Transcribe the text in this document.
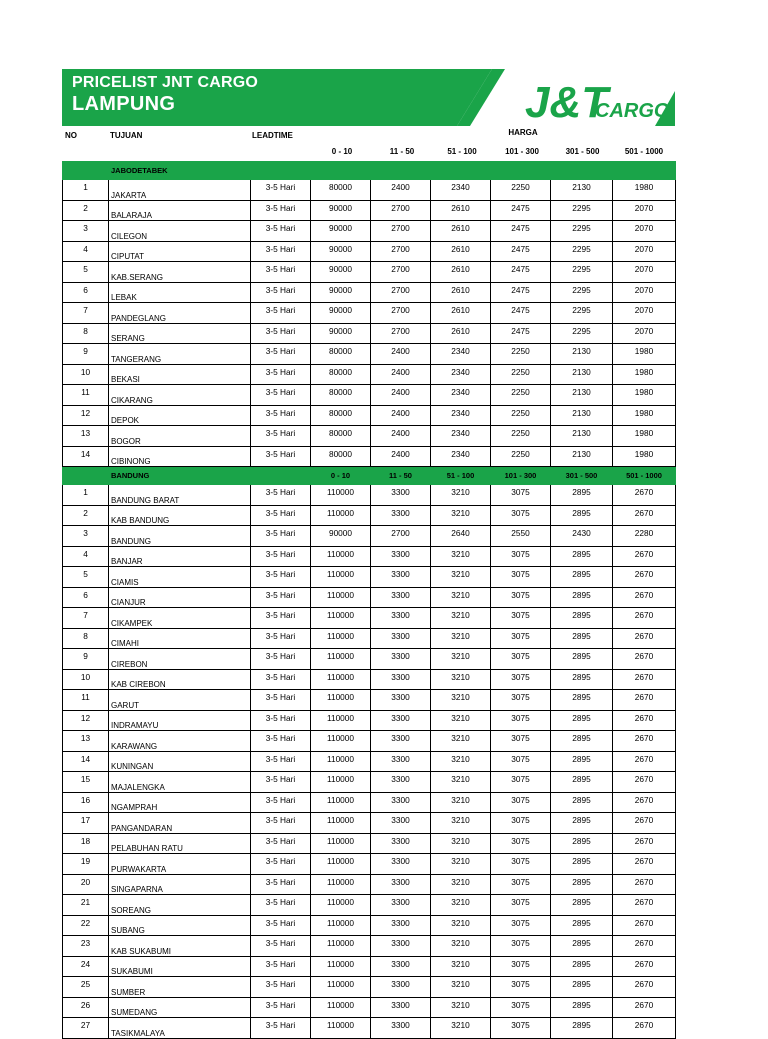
PRICELIST JNT CARGO
LAMPUNG	J&T
CARGO
NO	TUJUAN	LEADTIME	HARGA
0 - 10	11 - 50	51 - 100	101 - 300	301 - 500	501 - 1000
	JABODETABEK							
1	JAKARTA	3-5 Hari	80000	2400	2340	2250	2130	1980
2	BALARAJA	3-5 Hari	90000	2700	2610	2475	2295	2070
3	CILEGON	3-5 Hari	90000	2700	2610	2475	2295	2070
4	CIPUTAT	3-5 Hari	90000	2700	2610	2475	2295	2070
5	KAB.SERANG	3-5 Hari	90000	2700	2610	2475	2295	2070
6	LEBAK	3-5 Hari	90000	2700	2610	2475	2295	2070
7	PANDEGLANG	3-5 Hari	90000	2700	2610	2475	2295	2070
8	SERANG	3-5 Hari	90000	2700	2610	2475	2295	2070
9	TANGERANG	3-5 Hari	80000	2400	2340	2250	2130	1980
10	BEKASI	3-5 Hari	80000	2400	2340	2250	2130	1980
11	CIKARANG	3-5 Hari	80000	2400	2340	2250	2130	1980
12	DEPOK	3-5 Hari	80000	2400	2340	2250	2130	1980
13	BOGOR	3-5 Hari	80000	2400	2340	2250	2130	1980
14	CIBINONG	3-5 Hari	80000	2400	2340	2250	2130	1980
	BANDUNG		0 - 10	11 - 50	51 - 100	101 - 300	301 - 500	501 - 1000
1	BANDUNG BARAT	3-5 Hari	110000	3300	3210	3075	2895	2670
2	KAB BANDUNG	3-5 Hari	110000	3300	3210	3075	2895	2670
3	BANDUNG	3-5 Hari	90000	2700	2640	2550	2430	2280
4	BANJAR	3-5 Hari	110000	3300	3210	3075	2895	2670
5	CIAMIS	3-5 Hari	110000	3300	3210	3075	2895	2670
6	CIANJUR	3-5 Hari	110000	3300	3210	3075	2895	2670
7	CIKAMPEK	3-5 Hari	110000	3300	3210	3075	2895	2670
8	CIMAHI	3-5 Hari	110000	3300	3210	3075	2895	2670
9	CIREBON	3-5 Hari	110000	3300	3210	3075	2895	2670
10	KAB CIREBON	3-5 Hari	110000	3300	3210	3075	2895	2670
11	GARUT	3-5 Hari	110000	3300	3210	3075	2895	2670
12	INDRAMAYU	3-5 Hari	110000	3300	3210	3075	2895	2670
13	KARAWANG	3-5 Hari	110000	3300	3210	3075	2895	2670
14	KUNINGAN	3-5 Hari	110000	3300	3210	3075	2895	2670
15	MAJALENGKA	3-5 Hari	110000	3300	3210	3075	2895	2670
16	NGAMPRAH	3-5 Hari	110000	3300	3210	3075	2895	2670
17	PANGANDARAN	3-5 Hari	110000	3300	3210	3075	2895	2670
18	PELABUHAN RATU	3-5 Hari	110000	3300	3210	3075	2895	2670
19	PURWAKARTA	3-5 Hari	110000	3300	3210	3075	2895	2670
20	SINGAPARNA	3-5 Hari	110000	3300	3210	3075	2895	2670
21	SOREANG	3-5 Hari	110000	3300	3210	3075	2895	2670
22	SUBANG	3-5 Hari	110000	3300	3210	3075	2895	2670
23	KAB SUKABUMI	3-5 Hari	110000	3300	3210	3075	2895	2670
24	SUKABUMI	3-5 Hari	110000	3300	3210	3075	2895	2670
25	SUMBER	3-5 Hari	110000	3300	3210	3075	2895	2670
26	SUMEDANG	3-5 Hari	110000	3300	3210	3075	2895	2670
27	TASIKMALAYA	3-5 Hari	110000	3300	3210	3075	2895	2670
